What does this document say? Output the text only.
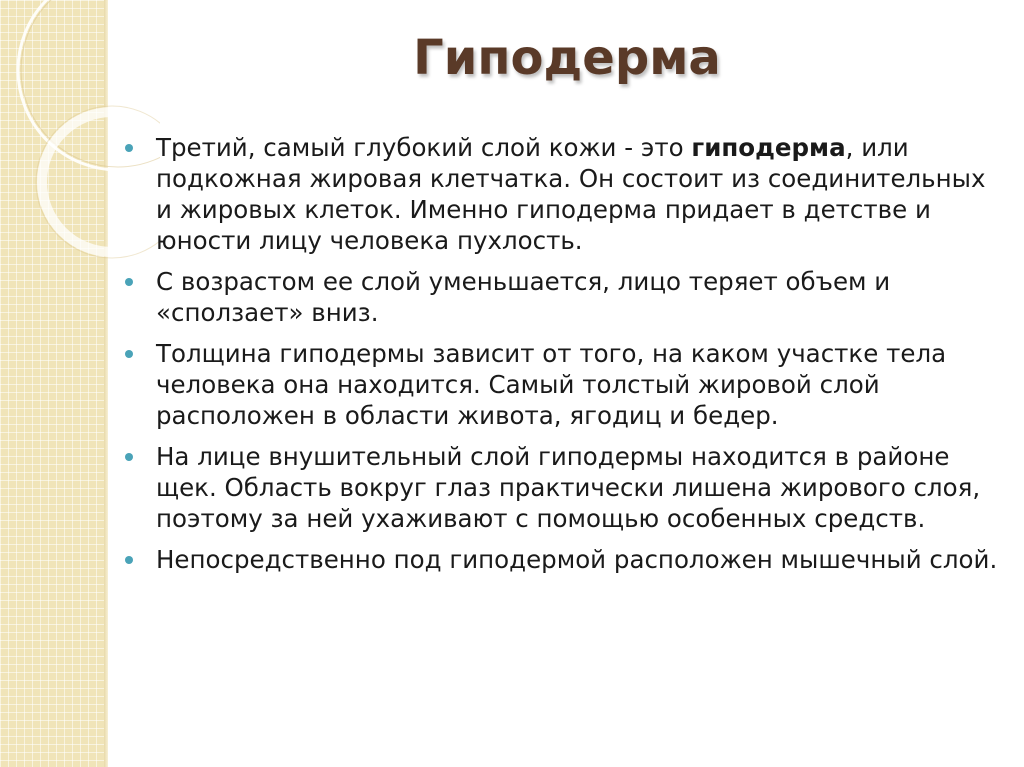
Гиподерма
Третий, самый глубокий слой кожи - это гиподерма, или подкожная жировая клетчатка. Он состоит из соединительных и жировых клеток. Именно гиподерма придает в детстве и юности лицу человека пухлость.
С возрастом ее слой уменьшается, лицо теряет объем и «сползает» вниз.
Толщина гиподермы зависит от того, на каком участке тела человека она находится. Самый толстый жировой слой расположен в области живота, ягодиц и бедер.
На лице внушительный слой гиподермы находится в районе щек. Область вокруг глаз практически лишена жирового слоя, поэтому за ней ухаживают с помощью особенных средств.
Непосредственно под гиподермой расположен мышечный слой.
